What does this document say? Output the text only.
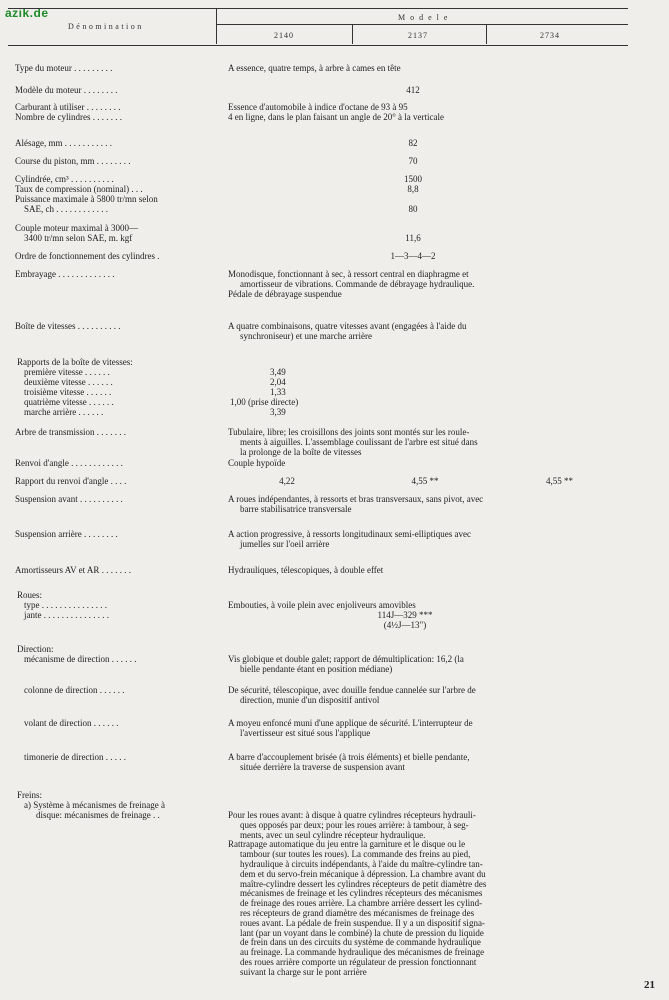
azik.de
Dénomination
Modele
2140	2137	2734
Type du moteur . . . . . . . . .	A essence, quatre temps, à arbre à cames en tête
Modèle du moteur . . . . . . . .	412
Carburant à utiliser . . . . . . . .	Essence d'automobile à indice d'octane de 93 à 95
Nombre de cylindres . . . . . . .	4 en ligne, dans le plan faisant un angle de 20° à la verticale
Alésage, mm . . . . . . . . . . .	82
Course du piston, mm . . . . . . . .	70
Cylindrée, cm³ . . . . . . . . . .	1500
Taux de compression (nominal) . . .	8,8
Puissance maximale à 5800 tr/mn selon
SAE, ch . . . . . . . . . . . .	80
Couple moteur maximal à 3000—
3400 tr/mn selon SAE, m. kgf	11,6
Ordre de fonctionnement des cylindres .	1—3—4—2
Embrayage . . . . . . . . . . . . .	Monodisque, fonctionnant à sec, à ressort central en diaphragme et
amortisseur de vibrations. Commande de débrayage hydraulique.
Pédale de débrayage suspendue
Boîte de vitesses . . . . . . . . . .	A quatre combinaisons, quatre vitesses avant (engagées à l'aide du
synchroniseur) et une marche arrière
Rapports de la boîte de vitesses:
première vitesse . . . . . .	3,49
deuxième vitesse . . . . . .	2,04
troisième vitesse . . . . . .	1,33
quatrième vitesse . . . . . .	1,00 (prise directe)
marche arrière . . . . . .	3,39
Arbre de transmission . . . . . . .	Tubulaire, libre; les croisillons des joints sont montés sur les roule-
ments à aiguilles. L'assemblage coulissant de l'arbre est situé dans
la prolonge de la boîte de vitesses
Renvoi d'angle . . . . . . . . . . . .	Couple hypoïde
Rapport du renvoi d'angle . . . .	4,22	4,55 **	4,55 **
Suspension avant . . . . . . . . . .	A roues indépendantes, à ressorts et bras transversaux, sans pivot, avec
barre stabilisatrice transversale
Suspension arrière . . . . . . . .	A action progressive, à ressorts longitudinaux semi-elliptiques avec
jumelles sur l'oeil arrière
Amortisseurs AV et AR . . . . . . .	Hydrauliques, télescopiques, à double effet
Roues:
type . . . . . . . . . . . . . . .	Embouties, à voile plein avec enjoliveurs amovibles
jante . . . . . . . . . . . . . . .	114J—329 ***
(4½J—13")
Direction:
mécanisme de direction . . . . . .	Vis globique et double galet; rapport de démultiplication: 16,2 (la
bielle pendante étant en position médiane)
colonne de direction . . . . . .	De sécurité, télescopique, avec douille fendue cannelée sur l'arbre de
direction, munie d'un dispositif antivol
volant de direction . . . . . .	A moyeu enfoncé muni d'une applique de sécurité. L'interrupteur de
l'avertisseur est situé sous l'applique
timonerie de direction . . . . .	A barre d'accouplement brisée (à trois éléments) et bielle pendante,
située derrière la traverse de suspension avant
Freins:
a) Système à mécanismes de freinage à
disque: mécanismes de freinage . .	Pour les roues avant: à disque à quatre cylindres récepteurs hydrauli-
ques opposés par deux; pour les roues arrière: à tambour, à seg-
ments, avec un seul cylindre récepteur hydraulique.
Rattrapage automatique du jeu entre la garniture et le disque ou le
tambour (sur toutes les roues). La commande des freins au pied,
hydraulique à circuits indépendants, à l'aide du maître-cylindre tan-
dem et du servo-frein mécanique à dépression. La chambre avant du
maître-cylindre dessert les cylindres récepteurs de petit diamètre des
mécanismes de freinage et les cylindres récepteurs des mécanismes
de freinage des roues arrière. La chambre arrière dessert les cylind-
res récepteurs de grand diamètre des mécanismes de freinage des
roues avant. La pédale de frein suspendue. Il y a un dispositif signa-
lant (par un voyant dans le combiné) la chute de pression du liquide
de frein dans un des circuits du système de commande hydraulique
au freinage. La commande hydraulique des mécanismes de freinage
des roues arrière comporte un régulateur de pression fonctionnant
suivant la charge sur le pont arrière
21
